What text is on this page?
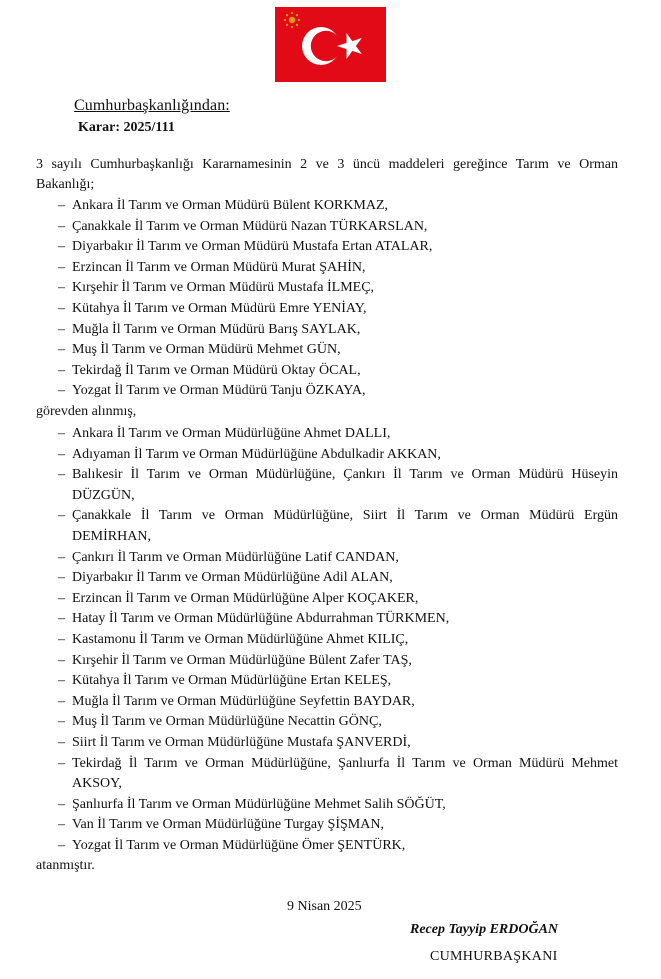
Cumhurbaşkanlığından:
Karar: 2025/111
3 sayılı Cumhurbaşkanlığı Kararnamesinin 2 ve 3 üncü maddeleri gereğince Tarım ve Orman Bakanlığı;
– Ankara İl Tarım ve Orman Müdürü Bülent KORKMAZ,
– Çanakkale İl Tarım ve Orman Müdürü Nazan TÜRKARSLAN,
– Diyarbakır İl Tarım ve Orman Müdürü Mustafa Ertan ATALAR,
– Erzincan İl Tarım ve Orman Müdürü Murat ŞAHİN,
– Kırşehir İl Tarım ve Orman Müdürü Mustafa İLMEÇ,
– Kütahya İl Tarım ve Orman Müdürü Emre YENİAY,
– Muğla İl Tarım ve Orman Müdürü Barış SAYLAK,
– Muş İl Tarım ve Orman Müdürü Mehmet GÜN,
– Tekirdağ İl Tarım ve Orman Müdürü Oktay ÖCAL,
– Yozgat İl Tarım ve Orman Müdürü Tanju ÖZKAYA,
görevden alınmış,
– Ankara İl Tarım ve Orman Müdürlüğüne Ahmet DALLI,
– Adıyaman İl Tarım ve Orman Müdürlüğüne Abdulkadir AKKAN,
– Balıkesir İl Tarım ve Orman Müdürlüğüne, Çankırı İl Tarım ve Orman Müdürü Hüseyin DÜZGÜN,
– Çanakkale İl Tarım ve Orman Müdürlüğüne, Siirt İl Tarım ve Orman Müdürü Ergün DEMİRHAN,
– Çankırı İl Tarım ve Orman Müdürlüğüne Latif CANDAN,
– Diyarbakır İl Tarım ve Orman Müdürlüğüne Adil ALAN,
– Erzincan İl Tarım ve Orman Müdürlüğüne Alper KOÇAKER,
– Hatay İl Tarım ve Orman Müdürlüğüne Abdurrahman TÜRKMEN,
– Kastamonu İl Tarım ve Orman Müdürlüğüne Ahmet KILIÇ,
– Kırşehir İl Tarım ve Orman Müdürlüğüne Bülent Zafer TAŞ,
– Kütahya İl Tarım ve Orman Müdürlüğüne Ertan KELEŞ,
– Muğla İl Tarım ve Orman Müdürlüğüne Seyfettin BAYDAR,
– Muş İl Tarım ve Orman Müdürlüğüne Necattin GÖNÇ,
– Siirt İl Tarım ve Orman Müdürlüğüne Mustafa ŞANVERDİ,
– Tekirdağ İl Tarım ve Orman Müdürlüğüne, Şanlıurfa İl Tarım ve Orman Müdürü Mehmet AKSOY,
– Şanlıurfa İl Tarım ve Orman Müdürlüğüne Mehmet Salih SÖĞÜT,
– Van İl Tarım ve Orman Müdürlüğüne Turgay ŞİŞMAN,
– Yozgat İl Tarım ve Orman Müdürlüğüne Ömer ŞENTÜRK,
atanmıştır.
9 Nisan 2025
Recep Tayyip ERDOĞAN
CUMHURBAŞKANI
